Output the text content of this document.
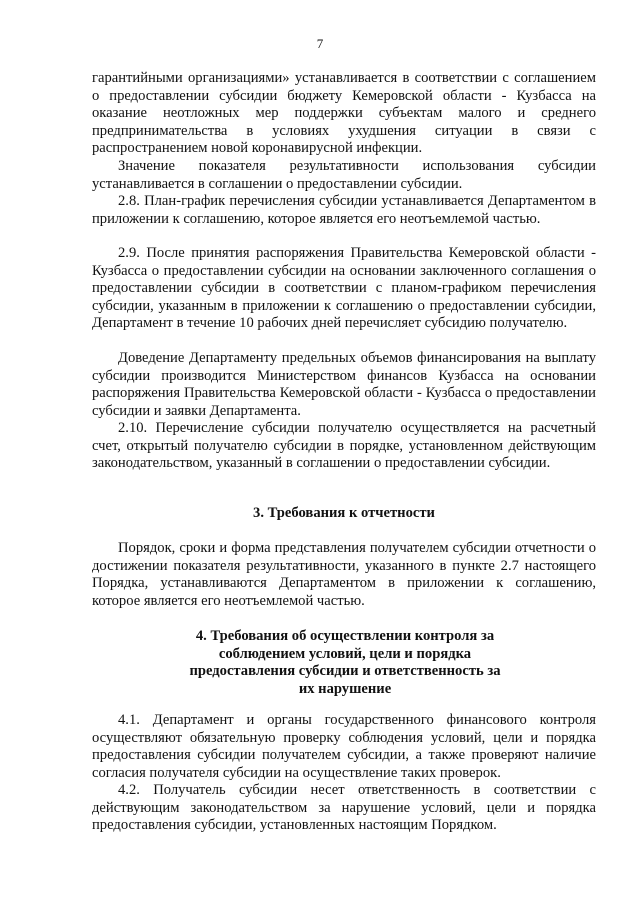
7

гарантийными организациями» устанавливается в соответствии с соглашением о предоставлении субсидии бюджету Кемеровской области - Кузбасса на оказание неотложных мер поддержки субъектам малого и среднего предпринимательства в условиях ухудшения ситуации в связи с распространением новой коронавирусной инфекции.

Значение показателя результативности использования субсидии устанавливается в соглашении о предоставлении субсидии.

2.8. План-график перечисления субсидии устанавливается Департаментом в приложении к соглашению, которое является его неотъемлемой частью.

2.9. После принятия распоряжения Правительства Кемеровской области - Кузбасса о предоставлении субсидии на основании заключенного соглашения о предоставлении субсидии в соответствии с планом-графиком перечисления субсидии, указанным в приложении к соглашению о предоставлении субсидии, Департамент в течение 10 рабочих дней перечисляет субсидию получателю.

Доведение Департаменту предельных объемов финансирования на выплату субсидии производится Министерством финансов Кузбасса на основании распоряжения Правительства Кемеровской области - Кузбасса о предоставлении субсидии и заявки Департамента.

2.10. Перечисление субсидии получателю осуществляется на расчетный счет, открытый получателю субсидии в порядке, установленном действующим законодательством, указанный в соглашении о предоставлении субсидии.

3. Требования к отчетности

Порядок, сроки и форма представления получателем субсидии отчетности о достижении показателя результативности, указанного в пункте 2.7 настоящего Порядка, устанавливаются Департаментом в приложении к соглашению, которое является его неотъемлемой частью.

4. Требования об осуществлении контроля за соблюдением условий, цели и порядка предоставления субсидии и ответственность за их нарушение

4.1. Департамент и органы государственного финансового контроля осуществляют обязательную проверку соблюдения условий, цели и порядка предоставления субсидии получателем субсидии, а также проверяют наличие согласия получателя субсидии на осуществление таких проверок.

4.2. Получатель субсидии несет ответственность в соответствии с действующим законодательством за нарушение условий, цели и порядка предоставления субсидии, установленных настоящим Порядком.
